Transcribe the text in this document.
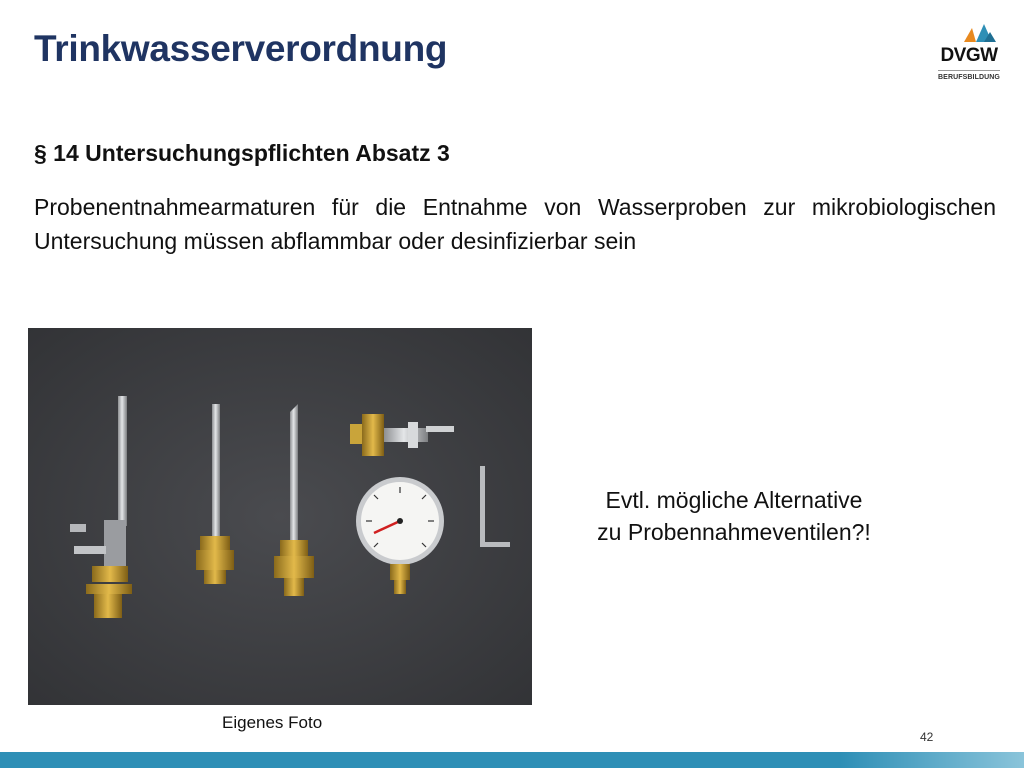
Trinkwasserverordnung	DVGW
BERUFSBILDUNG
§ 14 Untersuchungspflichten Absatz 3
Probenentnahmearmaturen für die Entnahme von Wasserproben zur mikrobiologischen Untersuchung müssen abflammbar oder desinfizierbar sein
Eigenes Foto
Evtl. mögliche Alternative
zu Probennahmeventilen?!
42
